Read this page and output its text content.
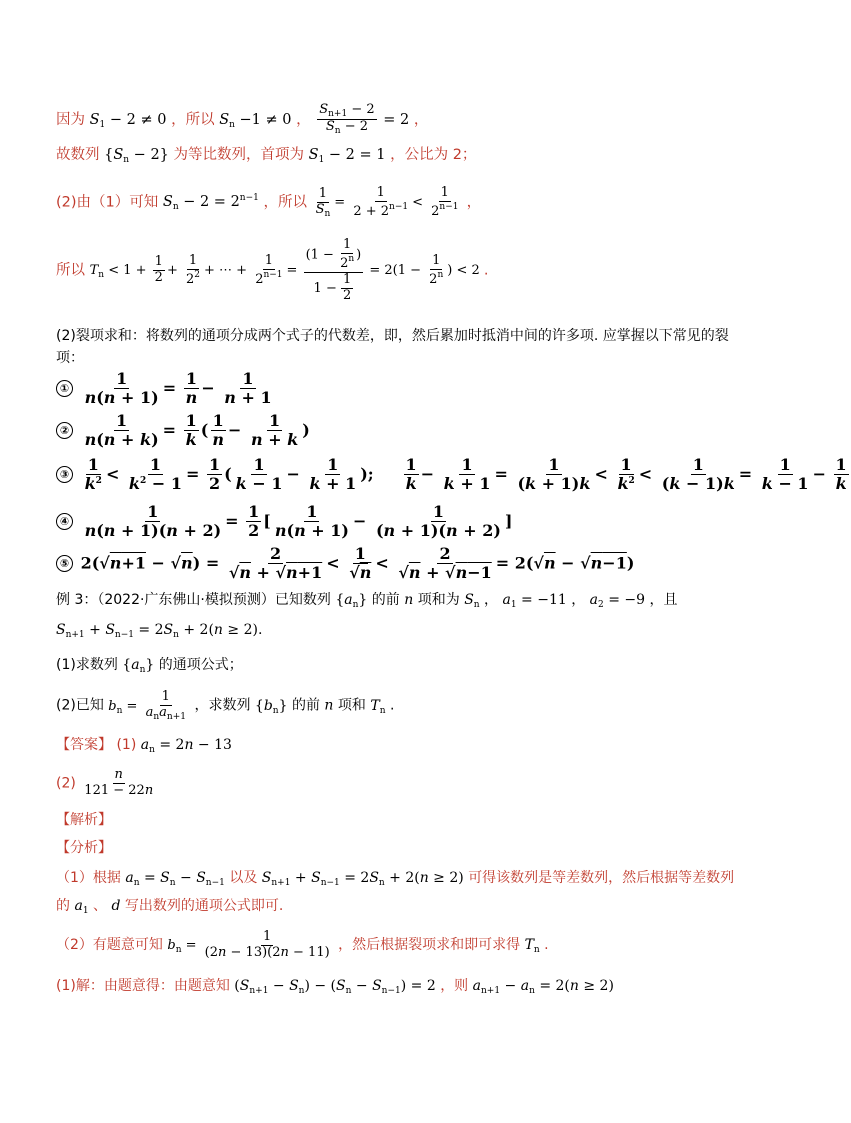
因为 $S_1 - 2 \ne 0$ ，所以 $S_n -1 \ne 0$ ， $\frac{S_{n+1} - 2}{S_n - 2} = 2$ ，
故数列 $\{S_n - 2\}$ 为等比数列，首项为 $S_1 - 2 = 1$ ，公比为 2；
(2)由（1）可知 $S_n - 2 = 2^{n-1}$ ，所以 $\frac{1}{S_n} = \frac{1}{2 + 2^{n-1}} < \frac{1}{2^{n-1}}$ ，
所以 $T_n < 1 + \frac{1}{2} + \frac{1}{2^2}$ + ⋯ + $\frac{1}{2^{n-1}} = \frac{(1 - \frac{1}{2^n} )}{1 - \frac{1}{2}} = 2(1 - \frac{1}{2^n}$ ) < 2 .
(2)裂项求和：将数列的通项分成两个式子的代数差，即，然后累加时抵消中间的许多项. 应掌握以下常见的裂项：
① $\frac{1}{n(n + 1)} = \frac{1}{n} - \frac{1}{n + 1}$
② $\frac{1}{n(n + k)} = \frac{1}{k}$ ( $\frac{1}{n} - \frac{1}{n + k}$ )
③ $\frac{1}{k^2} < \frac{1}{k^2 - 1} = \frac{1}{2}$ ( $\frac{1}{k - 1} - \frac{1}{k + 1}$ ); $\frac{1}{k} - \frac{1}{k + 1} = \frac{1}{(k + 1)k} < \frac{1}{k^2} < \frac{1}{(k - 1)k} = \frac{1}{k - 1} - \frac{1}{k}$
④ $\frac{1}{n(n + 1)(n + 2)} = \frac{1}{2}$ [ $\frac{1}{n(n + 1)} - \frac{1}{(n + 1)(n + 2)}$ ]
⑤ $2(√n+1 - √n) = \frac{2}{√n + √n+1} < \frac{1}{√n} < \frac{2}{√n + √n-1} = 2(√n - √n-1)$
例 3：（2022·广东佛山·模拟预测）已知数列 $\{a_n\}$ 的前 n 项和为 $S_n$ ， $a_1 = -11$ ， $a_2 = -9$ ，且
$S_{n+1} + S_{n-1} = 2S_n + 2(n \ge 2)$.
(1)求数列 $\{a_n\}$ 的通项公式；
(2)已知 $b_n = \frac{1}{a_na_{n+1}}$ ，求数列 $\{b_n\}$ 的前 n 项和 $T_n$ .
【答案】 (1) $a_n = 2n - 13$
$(2) \frac{n}{121 - 22n}$
【解析】
【分析】
（1）根据 $a_n = S_n - S_{n-1}$ 以及 $S_{n+1} + S_{n-1} = 2S_n + 2(n \ge 2)$ 可得该数列是等差数列，然后根据等差数列的 $a_1$ 、 d 写出数列的通项公式即可.
（2）有题意可知 $b_n = \frac{1}{(2n - 13)(2n - 11)}$ ，然后根据裂项求和即可求得 $T_n$ .
(1)解：由题意得：由题意知 $(S_{n+1} - S_n) - (S_n - S_{n-1}) = 2$ ，则 $a_{n+1} - a_n = 2(n \ge 2)$
